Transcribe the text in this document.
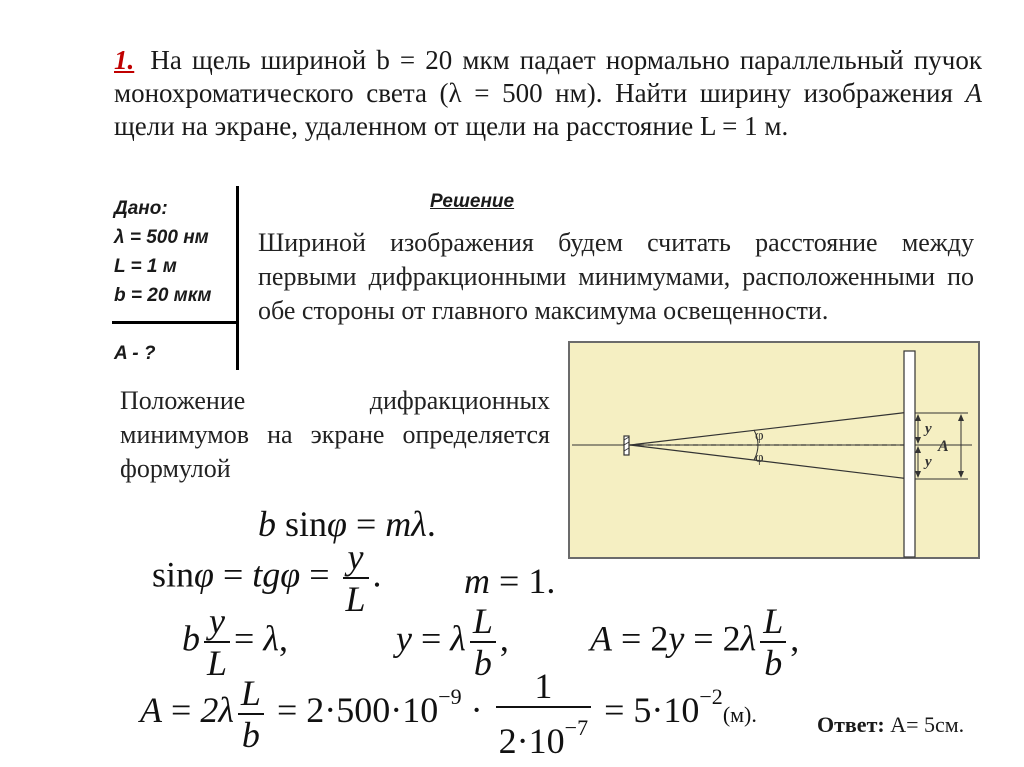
1. На щель шириной b = 20 мкм падает нормально параллельный пучок монохроматического света (λ = 500 нм). Найти ширину изображения А щели на экране, удаленном от щели на расстояние L = 1 м.
Дано:
λ = 500 нм
L = 1 м
b = 20 мкм
A - ?
Решение
Шириной изображения будем считать расстояние между первыми дифракционными минимумами, расположенными по обе стороны от главного максимума освещенности.
Положение дифракционных минимумов на экране определяется формулой
φ
φ
y
y
A
b sinφ = mλ.
$\sin\varphi = tg\varphi = \frac{y}{L}$ . m = 1.
b $\frac{y}{L} = \lambda$,	y = λ $\frac{L}{b}$ , $A = 2y = 2\lambda \frac{L}{b}$ ,
$A = 2\lambda \frac{L}{b} = 2\cdot 500\cdot 10^{-9} \cdot \frac{1}{2\cdot 10^{-7}} = 5\cdot 10^{-2}(м)$.	Ответ: А= 5см.
